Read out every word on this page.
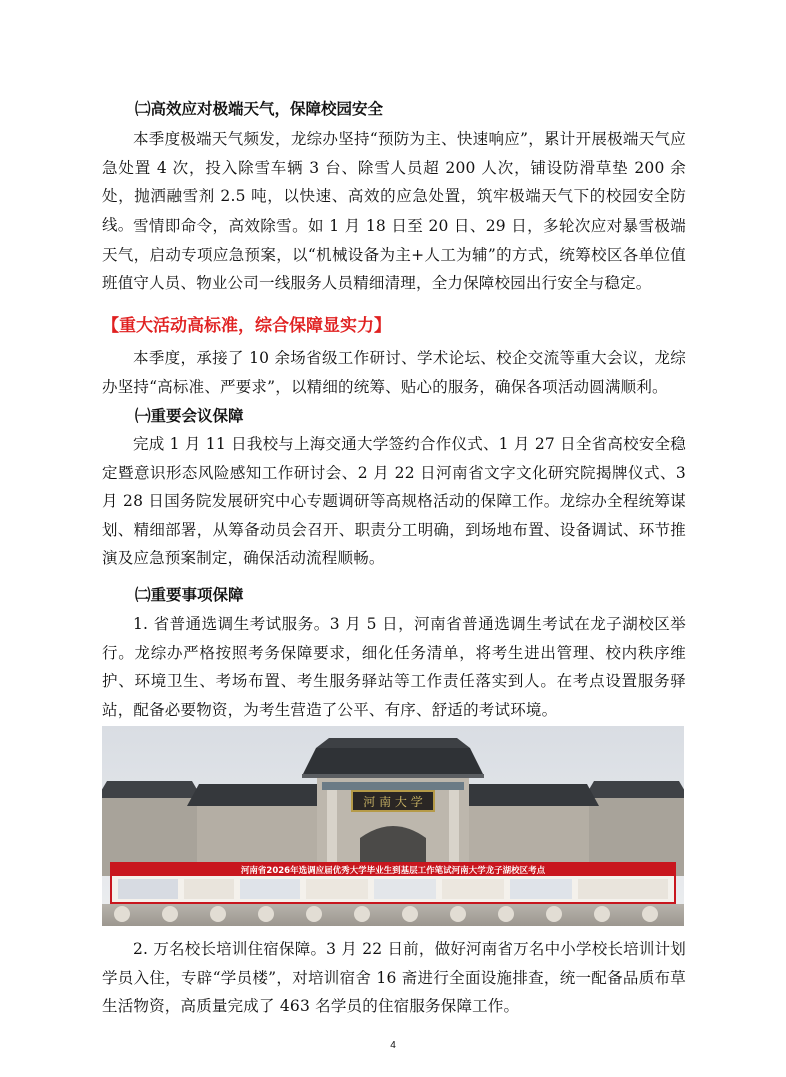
㈡高效应对极端天气，保障校园安全

本季度极端天气频发，龙综办坚持“预防为主、快速响应”，累计开展极端天气应急处置 4 次，投入除雪车辆 3 台、除雪人员超 200 人次，铺设防滑草垫 200 余处，抛洒融雪剂 2.5 吨，以快速、高效的应急处置，筑牢极端天气下的校园安全防线。 雪情即命令，高效除雪。如 1 月 18 日至 20 日、29 日，多轮次应对暴雪极端天气，启动专项应急预案，以“机械设备为主+人工为辅”的方式，统筹校区各单位值班值守人员、物业公司一线服务人员精细清理，全力保障校园出行安全与稳定。

【重大活动高标准，综合保障显实力】

本季度，承接了 10 余场省级工作研讨、学术论坛、校企交流等重大会议，龙综办坚持“高标准、严要求”，以精细的统筹、贴心的服务，确保各项活动圆满顺利。

㈠重要会议保障

完成 1 月 11 日我校与上海交通大学签约合作仪式、1 月 27 日全省高校安全稳定暨意识形态风险感知工作研讨会、2 月 22 日河南省文字文化研究院揭牌仪式、3 月 28 日国务院发展研究中心专题调研等高规格活动的保障工作。龙综办全程统筹谋划、精细部署，从筹备动员会召开、职责分工明确，到场地布置、设备调试、环节推演及应急预案制定，确保活动流程顺畅。

㈡重要事项保障

1. 省普通选调生考试服务。3 月 5 日，河南省普通选调生考试在龙子湖校区举行。龙综办严格按照考务保障要求，细化任务清单，将考生进出管理、校内秩序维护、环境卫生、考场布置、考生服务驿站等工作责任落实到人。在考点设置服务驿站，配备必要物资，为考生营造了公平、有序、舒适的考试环境。

河 南 大 学
河南省2026年选调应届优秀大学毕业生到基层工作笔试河南大学龙子湖校区考点

2. 万名校长培训住宿保障。3 月 22 日前，做好河南省万名中小学校长培训计划学员入住，专辟“学员楼”，对培训宿舍 16 斋进行全面设施排查，统一配备品质布草生活物资，高质量完成了 463 名学员的住宿服务保障工作。

4
